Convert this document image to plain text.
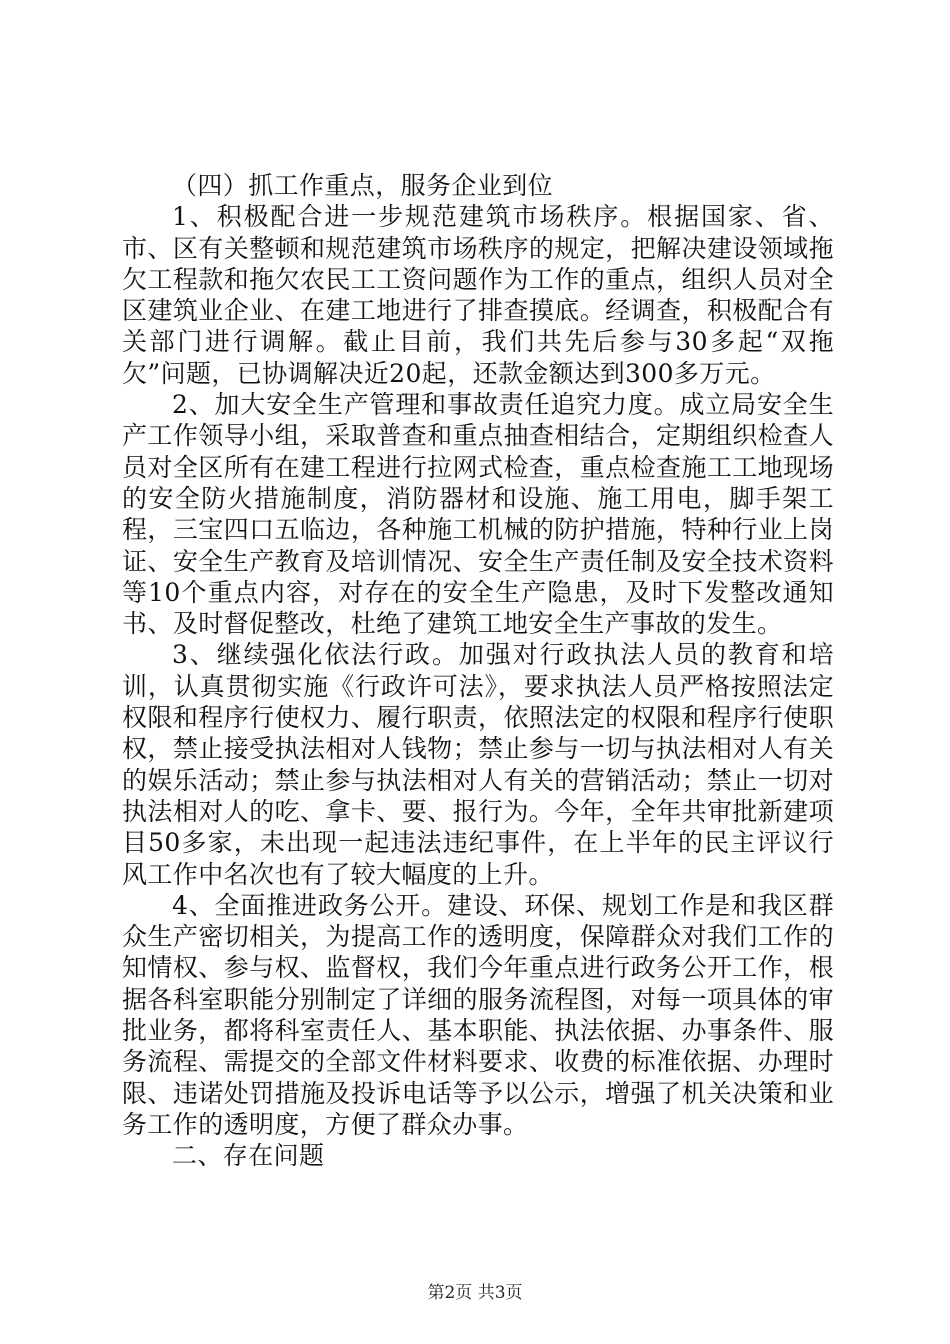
（四）抓工作重点，服务企业到位

1、积极配合进一步规范建筑市场秩序。根据国家、省、市、区有关整顿和规范建筑市场秩序的规定，把解决建设领域拖欠工程款和拖欠农民工工资问题作为工作的重点，组织人员对全区建筑业企业、在建工地进行了排查摸底。经调查，积极配合有关部门进行调解。截止目前，我们共先后参与30多起“双拖欠”问题，已协调解决近20起，还款金额达到300多万元。

2、加大安全生产管理和事故责任追究力度。成立局安全生产工作领导小组，采取普查和重点抽查相结合，定期组织检查人员对全区所有在建工程进行拉网式检查，重点检查施工工地现场的安全防火措施制度，消防器材和设施、施工用电，脚手架工程，三宝四口五临边，各种施工机械的防护措施，特种行业上岗证、安全生产教育及培训情况、安全生产责任制及安全技术资料等10个重点内容，对存在的安全生产隐患，及时下发整改通知书、及时督促整改，杜绝了建筑工地安全生产事故的发生。

3、继续强化依法行政。加强对行政执法人员的教育和培训，认真贯彻实施《行政许可法》，要求执法人员严格按照法定权限和程序行使权力、履行职责，依照法定的权限和程序行使职权，禁止接受执法相对人钱物；禁止参与一切与执法相对人有关的娱乐活动；禁止参与执法相对人有关的营销活动；禁止一切对执法相对人的吃、拿卡、要、报行为。今年，全年共审批新建项目50多家，未出现一起违法违纪事件，在上半年的民主评议行风工作中名次也有了较大幅度的上升。

4、全面推进政务公开。建设、环保、规划工作是和我区群众生产密切相关，为提高工作的透明度，保障群众对我们工作的知情权、参与权、监督权，我们今年重点进行政务公开工作，根据各科室职能分别制定了详细的服务流程图，对每一项具体的审批业务，都将科室责任人、基本职能、执法依据、办事条件、服务流程、需提交的全部文件材料要求、收费的标准依据、办理时限、违诺处罚措施及投诉电话等予以公示，增强了机关决策和业务工作的透明度，方便了群众办事。

二、存在问题

第2页 共3页
